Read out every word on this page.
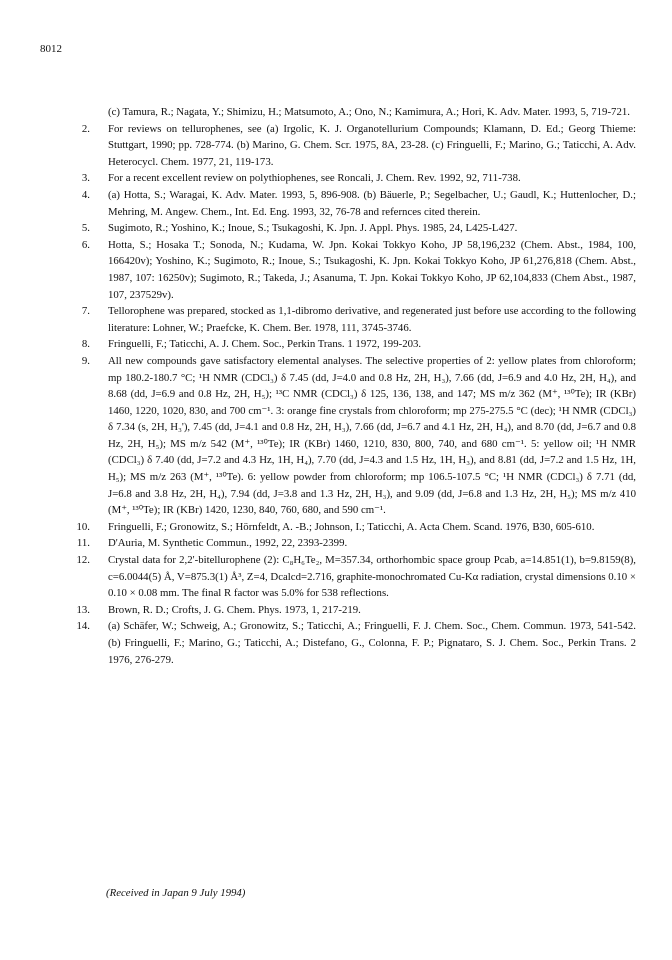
8012
(c) Tamura, R.; Nagata, Y.; Shimizu, H.; Matsumoto, A.; Ono, N.; Kamimura, A.; Hori, K. Adv. Mater. 1993, 5, 719-721.
2. For reviews on tellurophenes, see (a) Irgolic, K. J. Organotellurium Compounds; Klamann, D. Ed.; Georg Thieme: Stuttgart, 1990; pp. 728-774. (b) Marino, G. Chem. Scr. 1975, 8A, 23-28. (c) Fringuelli, F.; Marino, G.; Taticchi, A. Adv. Heterocycl. Chem. 1977, 21, 119-173.
3. For a recent excellent review on polythiophenes, see Roncali, J. Chem. Rev. 1992, 92, 711-738.
4. (a) Hotta, S.; Waragai, K. Adv. Mater. 1993, 5, 896-908. (b) Bäuerle, P.; Segelbacher, U.; Gaudl, K.; Huttenlocher, D.; Mehring, M. Angew. Chem., Int. Ed. Eng. 1993, 32, 76-78 and refernces cited therein.
5. Sugimoto, R.; Yoshino, K.; Inoue, S.; Tsukagoshi, K. Jpn. J. Appl. Phys. 1985, 24, L425-L427.
6. Hotta, S.; Hosaka T.; Sonoda, N.; Kudama, W. Jpn. Kokai Tokkyo Koho, JP 58,196,232 (Chem. Abst., 1984, 100, 166420v); Yoshino, K.; Sugimoto, R.; Inoue, S.; Tsukagoshi, K. Jpn. Kokai Tokkyo Koho, JP 61,276,818 (Chem. Abst., 1987, 107: 16250v); Sugimoto, R.; Takeda, J.; Asanuma, T. Jpn. Kokai Tokkyo Koho, JP 62,104,833 (Chem Abst., 1987, 107, 237529v).
7. Tellorophene was prepared, stocked as 1,1-dibromo derivative, and regenerated just before use according to the following literature: Lohner, W.; Praefcke, K. Chem. Ber. 1978, 111, 3745-3746.
8. Fringuelli, F.; Taticchi, A. J. Chem. Soc., Perkin Trans. 1 1972, 199-203.
9. All new compounds gave satisfactory elemental analyses. The selective properties of 2: yellow plates from chloroform; mp 180.2-180.7 °C; ¹H NMR (CDCl₃) δ 7.45 (dd, J=4.0 and 0.8 Hz, 2H, H₃), 7.66 (dd, J=6.9 and 4.0 Hz, 2H, H₄), and 8.68 (dd, J=6.9 and 0.8 Hz, 2H, H₅); ¹³C NMR (CDCl₃) δ 125, 136, 138, and 147; MS m/z 362 (M⁺, ¹³⁰Te); IR (KBr) 1460, 1220, 1020, 830, and 700 cm⁻¹. 3: orange fine crystals from chloroform; mp 275-275.5 °C (dec); ¹H NMR (CDCl₃) δ 7.34 (s, 2H, H₃'), 7.45 (dd, J=4.1 and 0.8 Hz, 2H, H₃), 7.66 (dd, J=6.7 and 4.1 Hz, 2H, H₄), and 8.70 (dd, J=6.7 and 0.8 Hz, 2H, H₅); MS m/z 542 (M⁺, ¹³⁰Te); IR (KBr) 1460, 1210, 830, 800, 740, and 680 cm⁻¹. 5: yellow oil; ¹H NMR (CDCl₃) δ 7.40 (dd, J=7.2 and 4.3 Hz, 1H, H₄), 7.70 (dd, J=4.3 and 1.5 Hz, 1H, H₃), and 8.81 (dd, J=7.2 and 1.5 Hz, 1H, H₅); MS m/z 263 (M⁺, ¹³⁰Te). 6: yellow powder from chloroform; mp 106.5-107.5 °C; ¹H NMR (CDCl₃) δ 7.71 (dd, J=6.8 and 3.8 Hz, 2H, H₄), 7.94 (dd, J=3.8 and 1.3 Hz, 2H, H₃), and 9.09 (dd, J=6.8 and 1.3 Hz, 2H, H₅); MS m/z 410 (M⁺, ¹³⁰Te); IR (KBr) 1420, 1230, 840, 760, 680, and 590 cm⁻¹.
10. Fringuelli, F.; Gronowitz, S.; Hörnfeldt, A. -B.; Johnson, I.; Taticchi, A. Acta Chem. Scand. 1976, B30, 605-610.
11. D'Auria, M. Synthetic Commun., 1992, 22, 2393-2399.
12. Crystal data for 2,2'-bitellurophene (2): C₈H₆Te₂, M=357.34, orthorhombic space group Pcab, a=14.851(1), b=9.8159(8), c=6.0044(5) Å, V=875.3(1) Å³, Z=4, Dcalcd=2.716, graphite-monochromated Cu-Kα radiation, crystal dimensions 0.10 × 0.10 × 0.08 mm. The final R factor was 5.0% for 538 reflections.
13. Brown, R. D.; Crofts, J. G. Chem. Phys. 1973, 1, 217-219.
14. (a) Schäfer, W.; Schweig, A.; Gronowitz, S.; Taticchi, A.; Fringuelli, F. J. Chem. Soc., Chem. Commun. 1973, 541-542. (b) Fringuelli, F.; Marino, G.; Taticchi, A.; Distefano, G., Colonna, F. P.; Pignataro, S. J. Chem. Soc., Perkin Trans. 2 1976, 276-279.
(Received in Japan 9 July 1994)
